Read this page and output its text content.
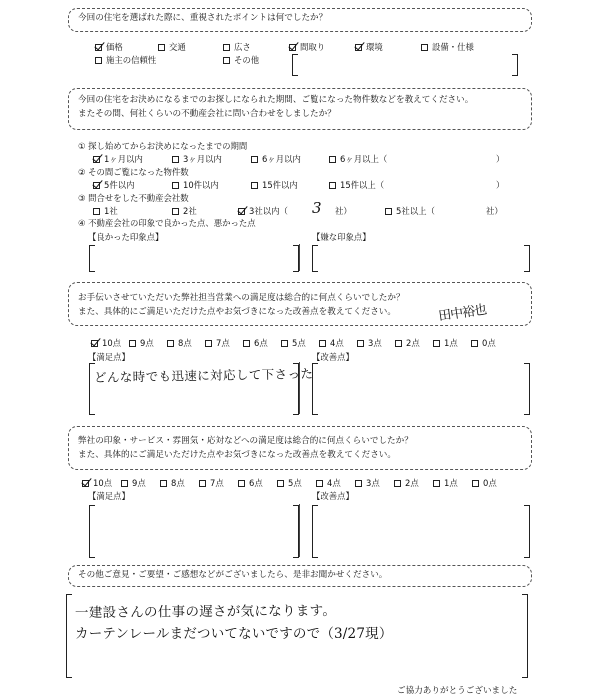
今回の住宅を選ばれた際に、重視されたポイントは何でしたか？
価格	交通	広さ	間取り	環境	設備・仕様
施主の信頼性	その他
今回の住宅をお決めになるまでのお探しになられた期間、ご覧になった物件数などを教えてください。
またその間、何社くらいの不動産会社に問い合わせをしましたか？
① 探し始めてからお決めになったまでの期間
1ヶ月以内	3ヶ月以内	6ヶ月以内	6ヶ月以上（	）
② その間ご覧になった物件数
5件以内	10件以内	15件以内	15件以上（	）
③ 問合せをした不動産会社数
1社	2社	3社以内（ 3 社）	5社以上（	社）
④ 不動産会社の印象で良かった点、悪かった点
【良かった印象点】	【嫌な印象点】
お手伝いさせていただいた弊社担当営業への満足度は総合的に何点くらいでしたか？
また、具体的にご満足いただけた点やお気づきになった改善点を教えてください。	田中裕也
10点 9点	8点	7点	6点	5点	4点	3点	2点	1点	0点
【満足点】	【改善点】
どんな時でも迅速に対応して下さった
弊社の印象・サービス・雰囲気・応対などへの満足度は総合的に何点くらいでしたか？
また、具体的にご満足いただけた点やお気づきになった改善点を教えてください。
10点 9点	8点	7点	6点	5点	4点	3点	2点	1点	0点
【満足点】	【改善点】
その他ご意見・ご要望・ご感想などがございましたら、是非お聞かせください。
一建設さんの仕事の遅さが気になります。
カーテンレールまだついてないですので（3/27現）
ご協力ありがとうございました
